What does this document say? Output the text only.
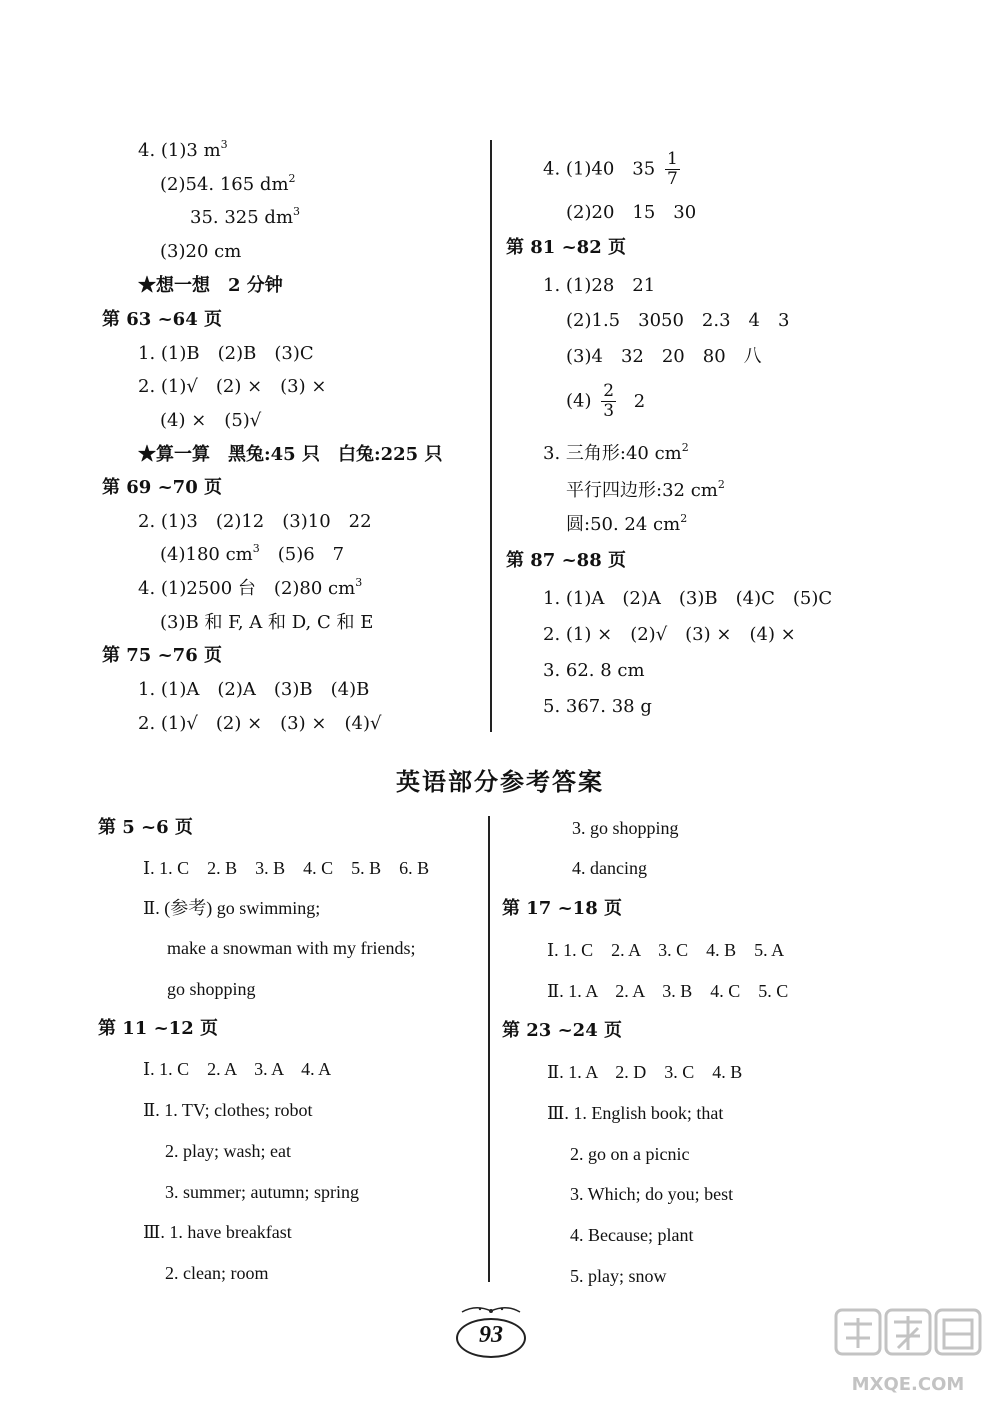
4. (1)3 $m^3$
(2)54. 165 $dm^2$
35. 325 $dm^3$
(3)20 cm
★想一想　2 分钟
第 63 ~64 页
1. (1)B　(2)B　(3)C
2. (1)√　(2) ×　(3) ×
(4) ×　(5)√
★算一算　黑兔:45 只　白兔:225 只
第 69 ~70 页
2. (1)3　(2)12　(3)10　22
(4)180 $cm^3$　(5)6　7
4. (1)2500 台　(2)80 $cm^3$
(3)B 和 F, A 和 D, C 和 E
第 75 ~76 页
1. (1)A　(2)A　(3)B　(4)B
2. (1)√　(2) ×　(3) ×　(4)√
4. (1)40　$35 \frac{1}{7}$
(2)20　15　30
第 81 ~82 页
1. (1)28　21
(2)1.5　3050　2.3　4　3
(3)4　32　20　80　八
$(4) \frac{2}{3} 2$
3. 三角形:40 $cm^2$
平行四边形:32 $cm^2$
圆:50. 24 $cm^2$
第 87 ~88 页
1. (1)A　(2)A　(3)B　(4)C　(5)C
2. (1) ×　(2)√　(3) ×　(4) ×
3. 62. 8 cm
5. 367. 38 g
英语部分参考答案
第 5 ~6 页
Ⅰ. 1. C　2. B　3. B　4. C　5. B　6. B
Ⅱ. (参考) go swimming;
make a snowman with my friends;
go shopping
第 11 ~12 页
Ⅰ. 1. C　2. A　3. A　4. A
Ⅱ. 1. TV; clothes; robot
2. play; wash; eat
3. summer; autumn; spring
Ⅲ. 1. have breakfast
2. clean; room
3. go shopping
4. dancing
第 17 ~18 页
Ⅰ. 1. C　2. A　3. C　4. B　5. A
Ⅱ. 1. A　2. A　3. B　4. C　5. C
第 23 ~24 页
Ⅱ. 1. A　2. D　3. C　4. B
Ⅲ. 1. English book; that
2. go on a picnic
3. Which; do you; best
4. Because; plant
5. play; snow
93
MXQE.COM
